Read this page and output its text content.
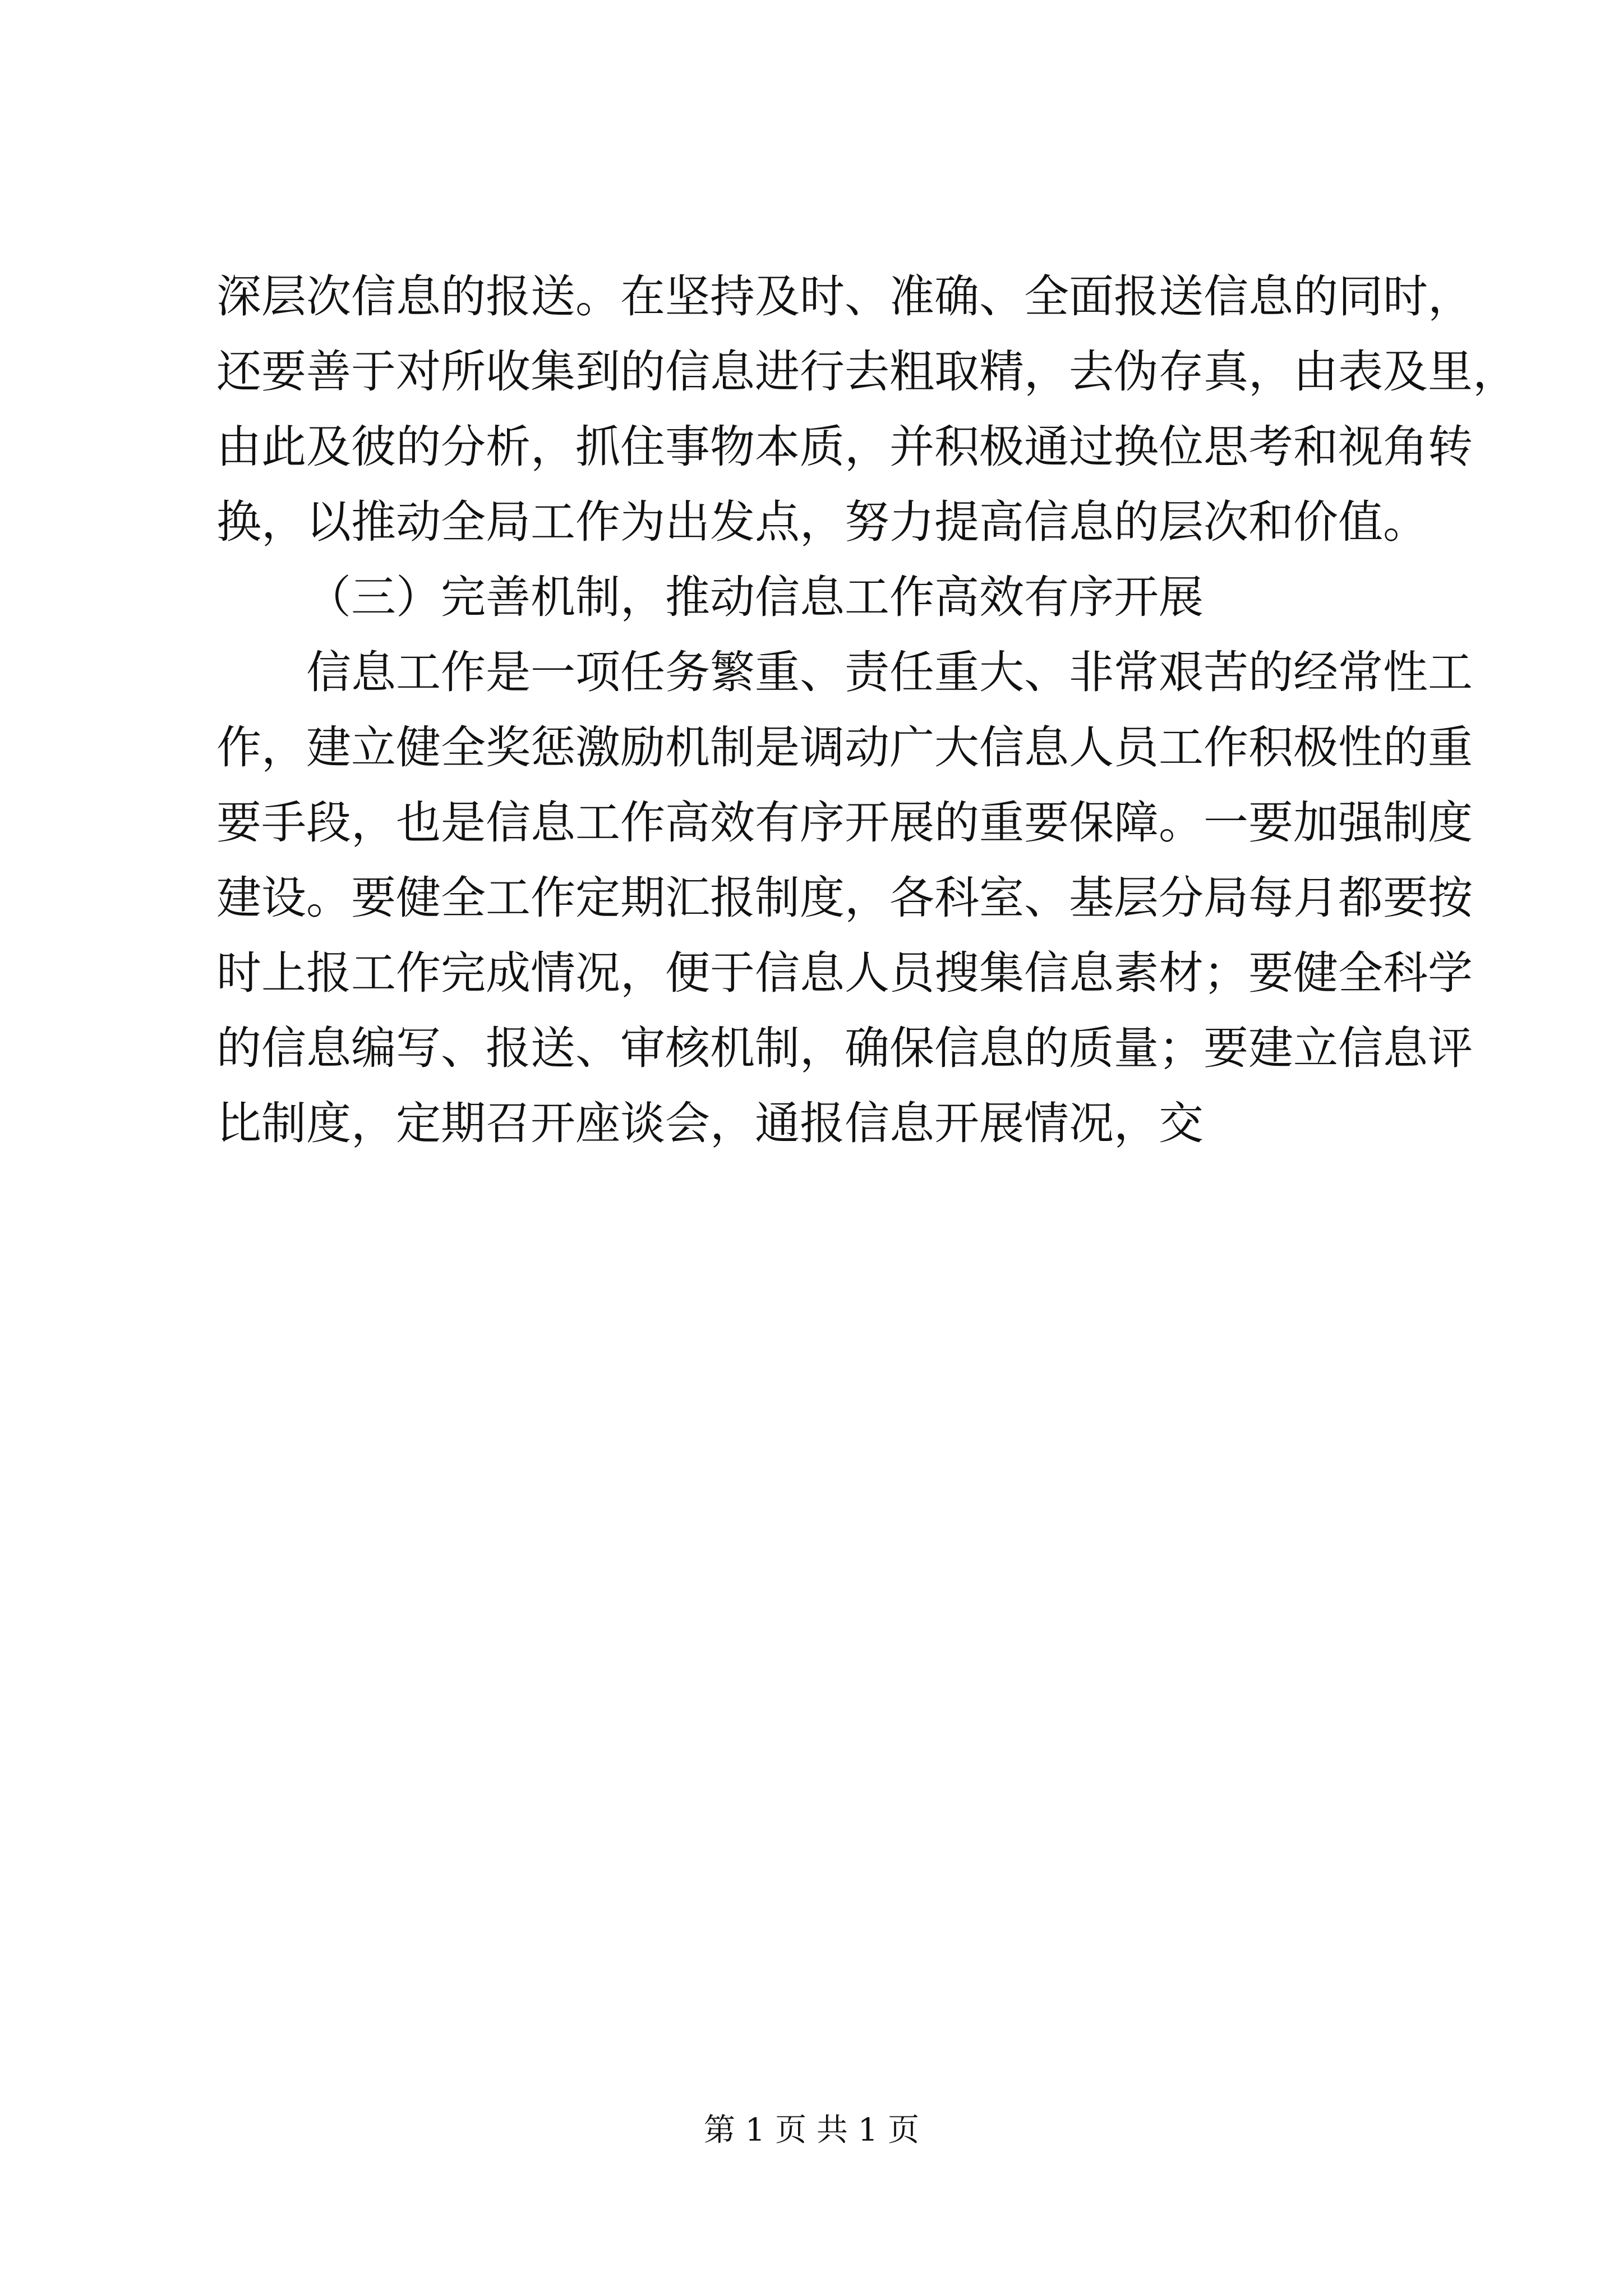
深层次信息的报送。在坚持及时、准确、全面报送信息的同时，
还要善于对所收集到的信息进行去粗取精，去伪存真，由表及里，
由此及彼的分析，抓住事物本质，并积极通过换位思考和视角转
换，以推动全局工作为出发点，努力提高信息的层次和价值。
（三）完善机制，推动信息工作高效有序开展
信息工作是一项任务繁重、责任重大、非常艰苦的经常性工
作，建立健全奖惩激励机制是调动广大信息人员工作积极性的重
要手段，也是信息工作高效有序开展的重要保障。一要加强制度
建设。要健全工作定期汇报制度，各科室、基层分局每月都要按
时上报工作完成情况，便于信息人员搜集信息素材；要健全科学
的信息编写、报送、审核机制，确保信息的质量；要建立信息评
比制度，定期召开座谈会，通报信息开展情况，交
第 1 页 共 1 页
